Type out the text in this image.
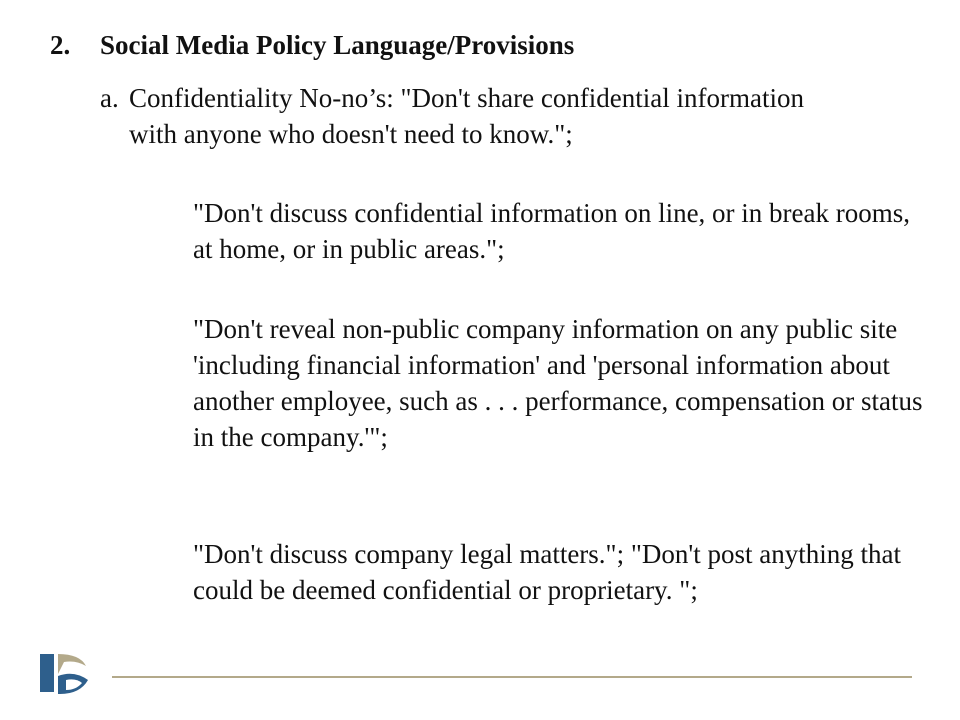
2. Social Media Policy Language/Provisions
a. Confidentiality No-no’s: "Don't share confidential information with anyone who doesn't need to know.";
"Don't discuss confidential information on line, or in break rooms, at home, or in public areas.";
"Don't reveal non-public company information on any public site 'including financial information' and 'personal information about another employee, such as . . . performance, compensation or status in the company.'";
"Don't discuss company legal matters."; "Don't post anything that could be deemed confidential or proprietary. ";
